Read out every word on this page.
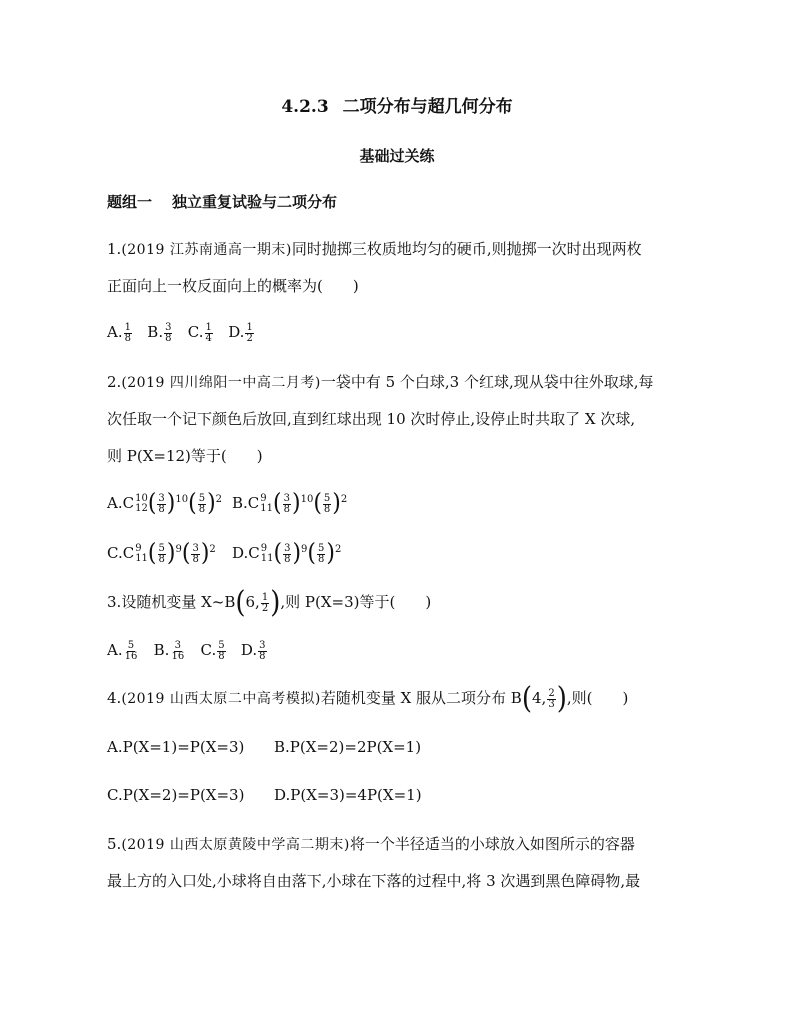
4.2.3 二项分布与超几何分布
基础过关练
题组一 独立重复试验与二项分布
1.(2019 江苏南通高一期末)同时抛掷三枚质地均匀的硬币,则抛掷一次时出现两枚
正面向上一枚反面向上的概率为(　　)
A. $\frac{1}{8} B$. $\frac{3}{8} C$. $\frac{1}{4} D$. $\frac{1}{2}$
2.(2019 四川绵阳一中高二月考)一袋中有 5 个白球,3 个红球,现从袋中往外取球,每
次任取一个记下颜色后放回,直到红球出现 10 次时停止,设停止时共取了 X 次球,
则 P(X=12)等于(　　)
A.C 10
12 ( $\frac{3}{8} )^{10}( \frac{5}{8} )^2$ B.C 9
11 ( $\frac{3}{8} )^{10}( \frac{5}{8} )^2$
C.C 9
11 ( $\frac{5}{8} )^9( \frac{3}{8} )^2$ D.C 9
11 ( $\frac{3}{8} )^9( \frac{5}{8} )^2$
3.设随机变量 X~B(6, $\frac{1}{2}$ ),则 P(X=3)等于(　　)
A. $\frac{5}{16} B$. $\frac{3}{16} C$. $\frac{5}{8} D$. $\frac{3}{8}$
4.(2019 山西太原二中高考模拟)若随机变量 X 服从二项分布 B(4, $\frac{2}{3}$ ),则(　　)
A.P(X=1)=P(X=3) B.P(X=2)=2P(X=1)
C.P(X=2)=P(X=3) D.P(X=3)=4P(X=1)
5.(2019 山西太原黄陵中学高二期末)将一个半径适当的小球放入如图所示的容器
最上方的入口处,小球将自由落下,小球在下落的过程中,将 3 次遇到黑色障碍物,最
